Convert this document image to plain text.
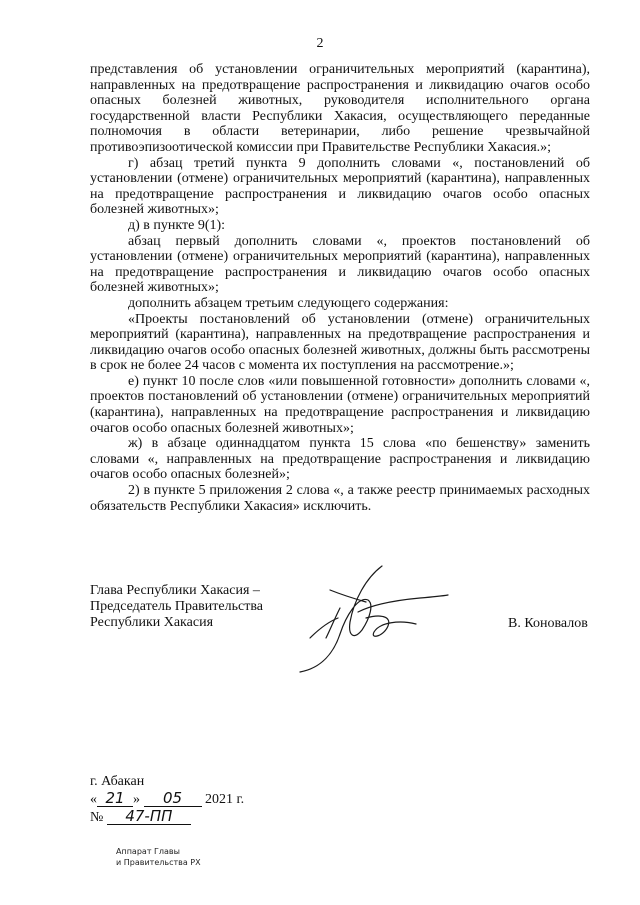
2

представления об установлении ограничительных мероприятий (карантина), направленных на предотвращение распространения и ликвидацию очагов особо опасных болезней животных, руководителя исполнительного органа государственной власти Республики Хакасия, осуществляющего переданные полномочия в области ветеринарии, либо решение чрезвычайной противоэпизоотической комиссии при Правительстве Республики Хакасия.»;

г) абзац третий пункта 9 дополнить словами «, постановлений об установлении (отмене) ограничительных мероприятий (карантина), направленных на предотвращение распространения и ликвидацию очагов особо опасных болезней животных»;

д) в пункте 9(1):

абзац первый дополнить словами «, проектов постановлений об установлении (отмене) ограничительных мероприятий (карантина), направленных на предотвращение распространения и ликвидацию очагов особо опасных болезней животных»;

дополнить абзацем третьим следующего содержания:

«Проекты постановлений об установлении (отмене) ограничительных мероприятий (карантина), направленных на предотвращение распространения и ликвидацию очагов особо опасных болезней животных, должны быть рассмотрены в срок не более 24 часов с момента их поступления на рассмотрение.»;

е) пункт 10 после слов «или повышенной готовности» дополнить словами «, проектов постановлений об установлении (отмене) ограничительных мероприятий (карантина), направленных на предотвращение распространения и ликвидацию очагов особо опасных болезней животных»;

ж) в абзаце одиннадцатом пункта 15 слова «по бешенству» заменить словами «, направленных на предотвращение распространения и ликвидацию очагов особо опасных болезней»;

2) в пункте 5 приложения 2 слова «, а также реестр принимаемых расходных обязательств Республики Хакасия» исключить.

Глава Республики Хакасия –
Председатель Правительства
Республики Хакасия	В. Коновалов
г. Абакан
« 21 » 05 2021 г.
№ 47-ПП
Аппарат Главы
и Правительства РХ
